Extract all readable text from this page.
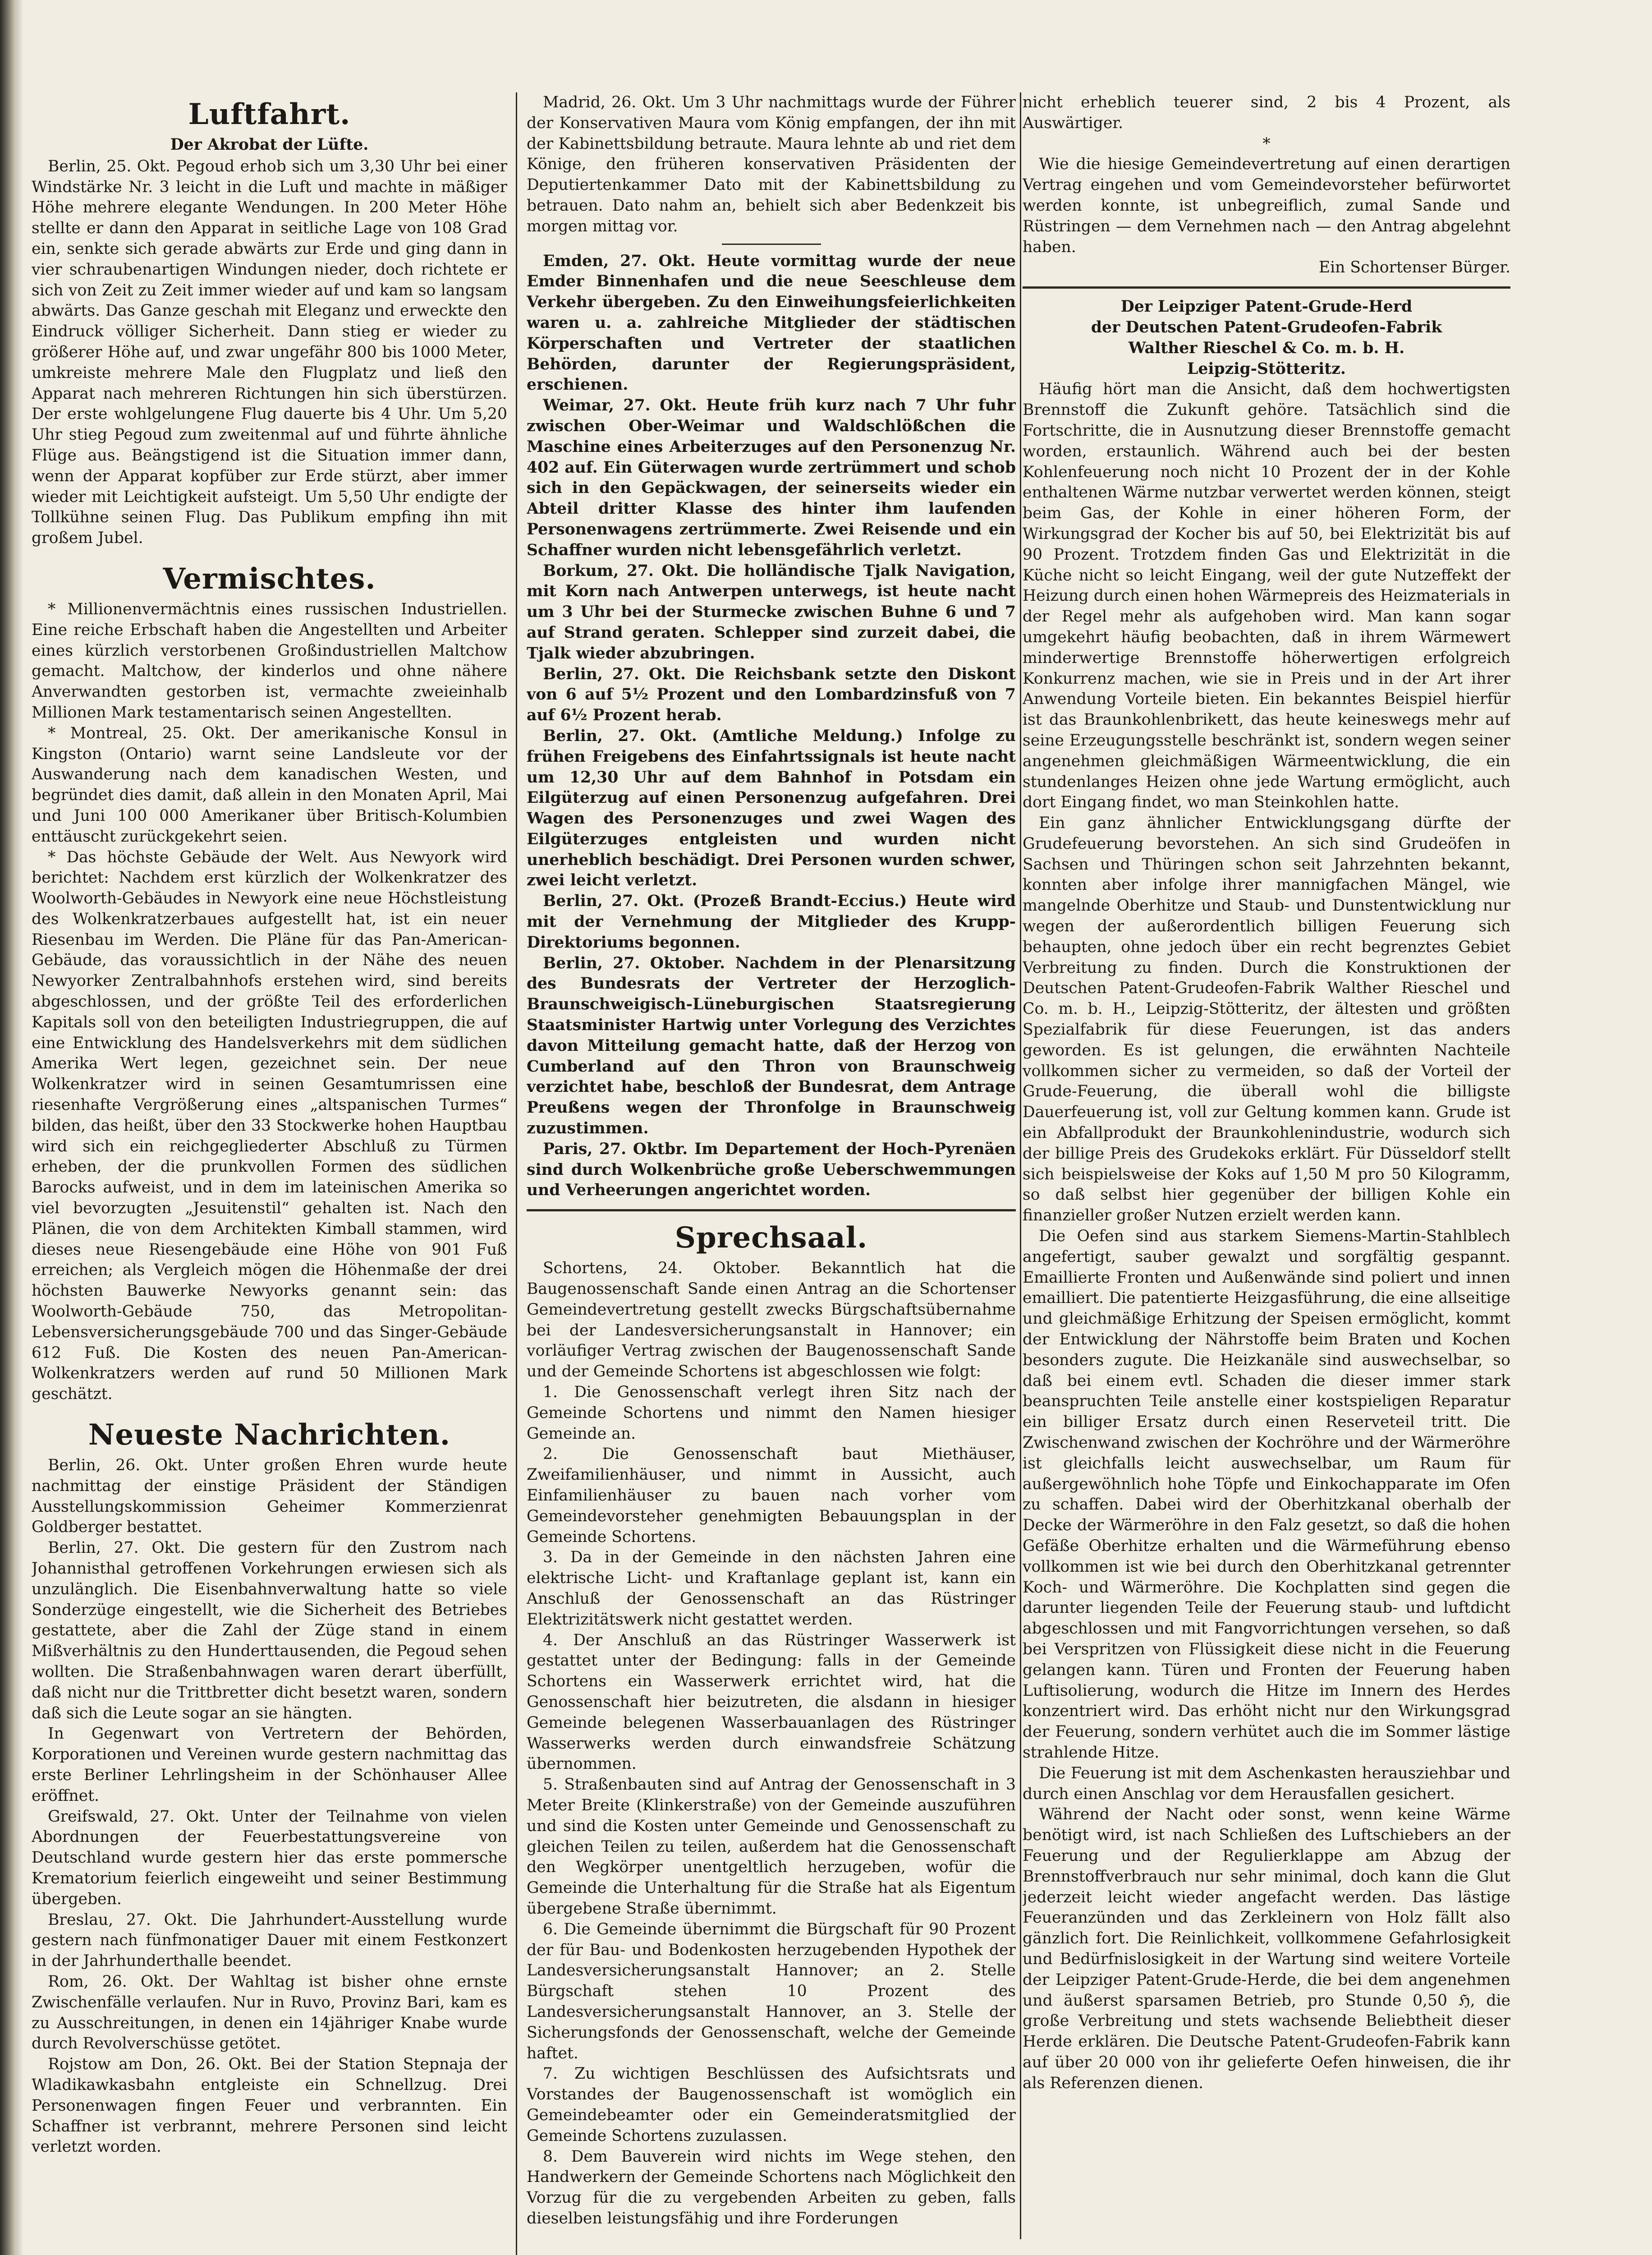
Luftfahrt.
Der Akrobat der Lüfte.

Berlin, 25. Okt. Pegoud erhob sich um 3,30 Uhr bei einer Windstärke Nr. 3 leicht in die Luft und machte in mäßiger Höhe mehrere elegante Wendungen. In 200 Meter Höhe stellte er dann den Apparat in seitliche Lage von 108 Grad ein, senkte sich gerade abwärts zur Erde und ging dann in vier schraubenartigen Windungen nieder, doch richtete er sich von Zeit zu Zeit immer wieder auf und kam so langsam abwärts. Das Ganze geschah mit Eleganz und erweckte den Eindruck völliger Sicherheit. Dann stieg er wieder zu größerer Höhe auf, und zwar ungefähr 800 bis 1000 Meter, umkreiste mehrere Male den Flugplatz und ließ den Apparat nach mehreren Richtungen hin sich überstürzen. Der erste wohlgelungene Flug dauerte bis 4 Uhr. Um 5,20 Uhr stieg Pegoud zum zweitenmal auf und führte ähnliche Flüge aus. Beängstigend ist die Situation immer dann, wenn der Apparat kopfüber zur Erde stürzt, aber immer wieder mit Leichtigkeit aufsteigt. Um 5,50 Uhr endigte der Tollkühne seinen Flug. Das Publikum empfing ihn mit großem Jubel.

Vermischtes.

* Millionenvermächtnis eines russischen Industriellen. Eine reiche Erbschaft haben die Angestellten und Arbeiter eines kürzlich verstorbenen Großindustriellen Maltchow gemacht. Maltchow, der kinderlos und ohne nähere Anverwandten gestorben ist, vermachte zweieinhalb Millionen Mark testamentarisch seinen Angestellten.

* Montreal, 25. Okt. Der amerikanische Konsul in Kingston (Ontario) warnt seine Landsleute vor der Auswanderung nach dem kanadischen Westen, und begründet dies damit, daß allein in den Monaten April, Mai und Juni 100 000 Amerikaner über Britisch-Kolumbien enttäuscht zurückgekehrt seien.

* Das höchste Gebäude der Welt. Aus Newyork wird berichtet: Nachdem erst kürzlich der Wolkenkratzer des Woolworth-Gebäudes in Newyork eine neue Höchstleistung des Wolkenkratzerbaues aufgestellt hat, ist ein neuer Riesenbau im Werden. Die Pläne für das Pan-American-Gebäude, das voraussichtlich in der Nähe des neuen Newyorker Zentralbahnhofs erstehen wird, sind bereits abgeschlossen, und der größte Teil des erforderlichen Kapitals soll von den beteiligten Industriegruppen, die auf eine Entwicklung des Handelsverkehrs mit dem südlichen Amerika Wert legen, gezeichnet sein. Der neue Wolkenkratzer wird in seinen Gesamtumrissen eine riesenhafte Vergrößerung eines „altspanischen Turmes“ bilden, das heißt, über den 33 Stockwerke hohen Hauptbau wird sich ein reichgegliederter Abschluß zu Türmen erheben, der die prunkvollen Formen des südlichen Barocks aufweist, und in dem im lateinischen Amerika so viel bevorzugten „Jesuitenstil“ gehalten ist. Nach den Plänen, die von dem Architekten Kimball stammen, wird dieses neue Riesengebäude eine Höhe von 901 Fuß erreichen; als Vergleich mögen die Höhenmaße der drei höchsten Bauwerke Newyorks genannt sein: das Woolworth-Gebäude 750, das Metropolitan-Lebensversicherungsgebäude 700 und das Singer-Gebäude 612 Fuß. Die Kosten des neuen Pan-American-Wolkenkratzers werden auf rund 50 Millionen Mark geschätzt.

Neueste Nachrichten.

Berlin, 26. Okt. Unter großen Ehren wurde heute nachmittag der einstige Präsident der Ständigen Ausstellungskommission Geheimer Kommerzienrat Goldberger bestattet.

Berlin, 27. Okt. Die gestern für den Zustrom nach Johannisthal getroffenen Vorkehrungen erwiesen sich als unzulänglich. Die Eisenbahnverwaltung hatte so viele Sonderzüge eingestellt, wie die Sicherheit des Betriebes gestattete, aber die Zahl der Züge stand in einem Mißverhältnis zu den Hunderttausenden, die Pegoud sehen wollten. Die Straßenbahnwagen waren derart überfüllt, daß nicht nur die Trittbretter dicht besetzt waren, sondern daß sich die Leute sogar an sie hängten.

In Gegenwart von Vertretern der Behörden, Korporationen und Vereinen wurde gestern nachmittag das erste Berliner Lehrlingsheim in der Schönhauser Allee eröffnet.

Greifswald, 27. Okt. Unter der Teilnahme von vielen Abordnungen der Feuerbestattungsvereine von Deutschland wurde gestern hier das erste pommersche Krematorium feierlich eingeweiht und seiner Bestimmung übergeben.

Breslau, 27. Okt. Die Jahrhundert-Ausstellung wurde gestern nach fünfmonatiger Dauer mit einem Festkonzert in der Jahrhunderthalle beendet.

Rom, 26. Okt. Der Wahltag ist bisher ohne ernste Zwischenfälle verlaufen. Nur in Ruvo, Provinz Bari, kam es zu Ausschreitungen, in denen ein 14jähriger Knabe wurde durch Revolverschüsse getötet.

Rojstow am Don, 26. Okt. Bei der Station Stepnaja der Wladikawkasbahn entgleiste ein Schnellzug. Drei Personenwagen fingen Feuer und verbrannten. Ein Schaffner ist verbrannt, mehrere Personen sind leicht verletzt worden.

Madrid, 26. Okt. Um 3 Uhr nachmittags wurde der Führer der Konservativen Maura vom König empfangen, der ihn mit der Kabinettsbildung betraute. Maura lehnte ab und riet dem Könige, den früheren konservativen Präsidenten der Deputiertenkammer Dato mit der Kabinettsbildung zu betrauen. Dato nahm an, behielt sich aber Bedenkzeit bis morgen mittag vor.

Emden, 27. Okt. Heute vormittag wurde der neue Emder Binnenhafen und die neue Seeschleuse dem Verkehr übergeben. Zu den Einweihungsfeierlichkeiten waren u. a. zahlreiche Mitglieder der städtischen Körperschaften und Vertreter der staatlichen Behörden, darunter der Regierungspräsident, erschienen.

Weimar, 27. Okt. Heute früh kurz nach 7 Uhr fuhr zwischen Ober-Weimar und Waldschlößchen die Maschine eines Arbeiterzuges auf den Personenzug Nr. 402 auf. Ein Güterwagen wurde zertrümmert und schob sich in den Gepäckwagen, der seinerseits wieder ein Abteil dritter Klasse des hinter ihm laufenden Personenwagens zertrümmerte. Zwei Reisende und ein Schaffner wurden nicht lebensgefährlich verletzt.

Borkum, 27. Okt. Die holländische Tjalk Navigation, mit Korn nach Antwerpen unterwegs, ist heute nacht um 3 Uhr bei der Sturmecke zwischen Buhne 6 und 7 auf Strand geraten. Schlepper sind zurzeit dabei, die Tjalk wieder abzubringen.

Berlin, 27. Okt. Die Reichsbank setzte den Diskont von 6 auf 5½ Prozent und den Lombardzinsfuß von 7 auf 6½ Prozent herab.

Berlin, 27. Okt. (Amtliche Meldung.) Infolge zu frühen Freigebens des Einfahrtssignals ist heute nacht um 12,30 Uhr auf dem Bahnhof in Potsdam ein Eilgüterzug auf einen Personenzug aufgefahren. Drei Wagen des Personenzuges und zwei Wagen des Eilgüterzuges entgleisten und wurden nicht unerheblich beschädigt. Drei Personen wurden schwer, zwei leicht verletzt.

Berlin, 27. Okt. (Prozeß Brandt-Eccius.) Heute wird mit der Vernehmung der Mitglieder des Krupp-Direktoriums begonnen.

Berlin, 27. Oktober. Nachdem in der Plenarsitzung des Bundesrats der Vertreter der Herzoglich-Braunschweigisch-Lüneburgischen Staatsregierung Staatsminister Hartwig unter Vorlegung des Verzichtes davon Mitteilung gemacht hatte, daß der Herzog von Cumberland auf den Thron von Braunschweig verzichtet habe, beschloß der Bundesrat, dem Antrage Preußens wegen der Thronfolge in Braunschweig zuzustimmen.

Paris, 27. Oktbr. Im Departement der Hoch-Pyrenäen sind durch Wolkenbrüche große Ueberschwemmungen und Verheerungen angerichtet worden.

Sprechsaal.

Schortens, 24. Oktober. Bekanntlich hat die Baugenossenschaft Sande einen Antrag an die Schortenser Gemeindevertretung gestellt zwecks Bürgschaftsübernahme bei der Landesversicherungsanstalt in Hannover; ein vorläufiger Vertrag zwischen der Baugenossenschaft Sande und der Gemeinde Schortens ist abgeschlossen wie folgt:

1. Die Genossenschaft verlegt ihren Sitz nach der Gemeinde Schortens und nimmt den Namen hiesiger Gemeinde an.

2. Die Genossenschaft baut Miethäuser, Zweifamilienhäuser, und nimmt in Aussicht, auch Einfamilienhäuser zu bauen nach vorher vom Gemeindevorsteher genehmigten Bebauungsplan in der Gemeinde Schortens.

3. Da in der Gemeinde in den nächsten Jahren eine elektrische Licht- und Kraftanlage geplant ist, kann ein Anschluß der Genossenschaft an das Rüstringer Elektrizitätswerk nicht gestattet werden.

4. Der Anschluß an das Rüstringer Wasserwerk ist gestattet unter der Bedingung: falls in der Gemeinde Schortens ein Wasserwerk errichtet wird, hat die Genossenschaft hier beizutreten, die alsdann in hiesiger Gemeinde belegenen Wasserbauanlagen des Rüstringer Wasserwerks werden durch einwandsfreie Schätzung übernommen.

5. Straßenbauten sind auf Antrag der Genossenschaft in 3 Meter Breite (Klinkerstraße) von der Gemeinde auszuführen und sind die Kosten unter Gemeinde und Genossenschaft zu gleichen Teilen zu teilen, außerdem hat die Genossenschaft den Wegkörper unentgeltlich herzugeben, wofür die Gemeinde die Unterhaltung für die Straße hat als Eigentum übergebene Straße übernimmt.

6. Die Gemeinde übernimmt die Bürgschaft für 90 Prozent der für Bau- und Bodenkosten herzugebenden Hypothek der Landesversicherungsanstalt Hannover; an 2. Stelle Bürgschaft stehen 10 Prozent des Landesversicherungsanstalt Hannover, an 3. Stelle der Sicherungsfonds der Genossenschaft, welche der Gemeinde haftet.

7. Zu wichtigen Beschlüssen des Aufsichtsrats und Vorstandes der Baugenossenschaft ist womöglich ein Gemeindebeamter oder ein Gemeinderatsmitglied der Gemeinde Schortens zuzulassen.

8. Dem Bauverein wird nichts im Wege stehen, den Handwerkern der Gemeinde Schortens nach Möglichkeit den Vorzug für die zu vergebenden Arbeiten zu geben, falls dieselben leistungsfähig und ihre Forderungen

nicht erheblich teuerer sind, 2 bis 4 Prozent, als Auswärtiger.

*

Wie die hiesige Gemeindevertretung auf einen derartigen Vertrag eingehen und vom Gemeindevorsteher befürwortet werden konnte, ist unbegreiflich, zumal Sande und Rüstringen — dem Vernehmen nach — den Antrag abgelehnt haben.

Ein Schortenser Bürger.

Der Leipziger Patent-Grude-Herd
der Deutschen Patent-Grudeofen-Fabrik
Walther Rieschel & Co. m. b. H.
Leipzig-Stötteritz.

Häufig hört man die Ansicht, daß dem hochwertigsten Brennstoff die Zukunft gehöre. Tatsächlich sind die Fortschritte, die in Ausnutzung dieser Brennstoffe gemacht worden, erstaunlich. Während auch bei der besten Kohlenfeuerung noch nicht 10 Prozent der in der Kohle enthaltenen Wärme nutzbar verwertet werden können, steigt beim Gas, der Kohle in einer höheren Form, der Wirkungsgrad der Kocher bis auf 50, bei Elektrizität bis auf 90 Prozent. Trotzdem finden Gas und Elektrizität in die Küche nicht so leicht Eingang, weil der gute Nutzeffekt der Heizung durch einen hohen Wärmepreis des Heizmaterials in der Regel mehr als aufgehoben wird. Man kann sogar umgekehrt häufig beobachten, daß in ihrem Wärmewert minderwertige Brennstoffe höherwertigen erfolgreich Konkurrenz machen, wie sie in Preis und in der Art ihrer Anwendung Vorteile bieten. Ein bekanntes Beispiel hierfür ist das Braunkohlenbrikett, das heute keineswegs mehr auf seine Erzeugungsstelle beschränkt ist, sondern wegen seiner angenehmen gleichmäßigen Wärmeentwicklung, die ein stundenlanges Heizen ohne jede Wartung ermöglicht, auch dort Eingang findet, wo man Steinkohlen hatte.

Ein ganz ähnlicher Entwicklungsgang dürfte der Grudefeuerung bevorstehen. An sich sind Grudeöfen in Sachsen und Thüringen schon seit Jahrzehnten bekannt, konnten aber infolge ihrer mannigfachen Mängel, wie mangelnde Oberhitze und Staub- und Dunstentwicklung nur wegen der außerordentlich billigen Feuerung sich behaupten, ohne jedoch über ein recht begrenztes Gebiet Verbreitung zu finden. Durch die Konstruktionen der Deutschen Patent-Grudeofen-Fabrik Walther Rieschel und Co. m. b. H., Leipzig-Stötteritz, der ältesten und größten Spezialfabrik für diese Feuerungen, ist das anders geworden. Es ist gelungen, die erwähnten Nachteile vollkommen sicher zu vermeiden, so daß der Vorteil der Grude-Feuerung, die überall wohl die billigste Dauerfeuerung ist, voll zur Geltung kommen kann. Grude ist ein Abfallprodukt der Braunkohlenindustrie, wodurch sich der billige Preis des Grudekoks erklärt. Für Düsseldorf stellt sich beispielsweise der Koks auf 1,50 M pro 50 Kilogramm, so daß selbst hier gegenüber der billigen Kohle ein finanzieller großer Nutzen erzielt werden kann.

Die Oefen sind aus starkem Siemens-Martin-Stahlblech angefertigt, sauber gewalzt und sorgfältig gespannt. Emaillierte Fronten und Außenwände sind poliert und innen emailliert. Die patentierte Heizgasführung, die eine allseitige und gleichmäßige Erhitzung der Speisen ermöglicht, kommt der Entwicklung der Nährstoffe beim Braten und Kochen besonders zugute. Die Heizkanäle sind auswechselbar, so daß bei einem evtl. Schaden die dieser immer stark beanspruchten Teile anstelle einer kostspieligen Reparatur ein billiger Ersatz durch einen Reserveteil tritt. Die Zwischenwand zwischen der Kochröhre und der Wärmeröhre ist gleichfalls leicht auswechselbar, um Raum für außergewöhnlich hohe Töpfe und Einkochapparate im Ofen zu schaffen. Dabei wird der Oberhitzkanal oberhalb der Decke der Wärmeröhre in den Falz gesetzt, so daß die hohen Gefäße Oberhitze erhalten und die Wärmeführung ebenso vollkommen ist wie bei durch den Oberhitzkanal getrennter Koch- und Wärmeröhre. Die Kochplatten sind gegen die darunter liegenden Teile der Feuerung staub- und luftdicht abgeschlossen und mit Fangvorrichtungen versehen, so daß bei Verspritzen von Flüssigkeit diese nicht in die Feuerung gelangen kann. Türen und Fronten der Feuerung haben Luftisolierung, wodurch die Hitze im Innern des Herdes konzentriert wird. Das erhöht nicht nur den Wirkungsgrad der Feuerung, sondern verhütet auch die im Sommer lästige strahlende Hitze.

Die Feuerung ist mit dem Aschenkasten herausziehbar und durch einen Anschlag vor dem Herausfallen gesichert.

Während der Nacht oder sonst, wenn keine Wärme benötigt wird, ist nach Schließen des Luftschiebers an der Feuerung und der Regulierklappe am Abzug der Brennstoffverbrauch nur sehr minimal, doch kann die Glut jederzeit leicht wieder angefacht werden. Das lästige Feueranzünden und das Zerkleinern von Holz fällt also gänzlich fort. Die Reinlichkeit, vollkommene Gefahrlosigkeit und Bedürfnislosigkeit in der Wartung sind weitere Vorteile der Leipziger Patent-Grude-Herde, die bei dem angenehmen und äußerst sparsamen Betrieb, pro Stunde 0,50 ℌ, die große Verbreitung und stets wachsende Beliebtheit dieser Herde erklären. Die Deutsche Patent-Grudeofen-Fabrik kann auf über 20 000 von ihr gelieferte Oefen hinweisen, die ihr als Referenzen dienen.
